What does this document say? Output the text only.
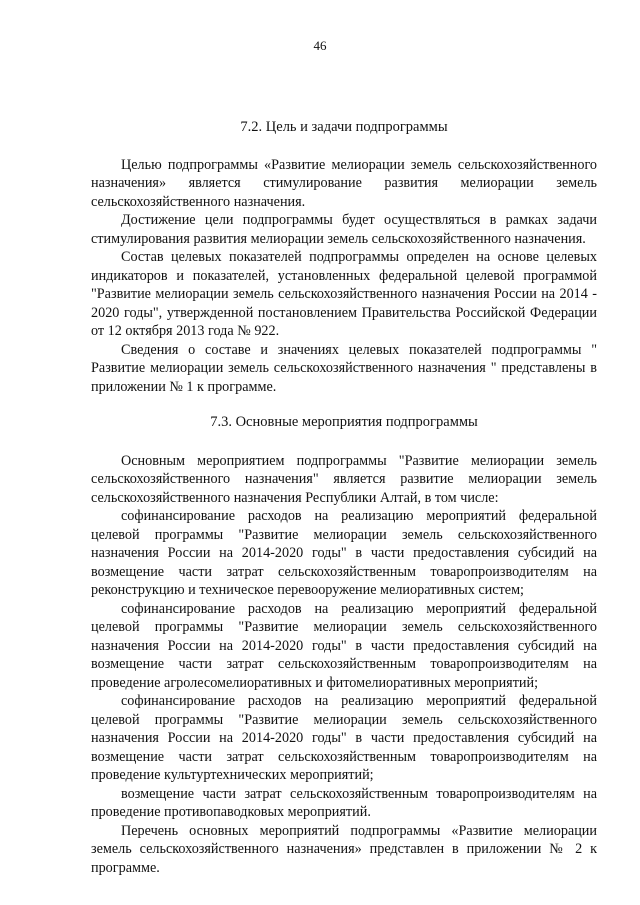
46
7.2. Цель и задачи подпрограммы

Целью подпрограммы «Развитие мелиорации земель сельскохозяйственного назначения» является стимулирование развития мелиорации земель сельскохозяйственного назначения.

Достижение цели подпрограммы будет осуществляться в рамках задачи стимулирования развития мелиорации земель сельскохозяйственного назначения.

Состав целевых показателей подпрограммы определен на основе целевых индикаторов и показателей, установленных федеральной целевой программой "Развитие мелиорации земель сельскохозяйственного назначения России на 2014 - 2020 годы", утвержденной постановлением Правительства Российской Федерации от 12 октября 2013 года № 922.

Сведения о составе и значениях целевых показателей подпрограммы " Развитие мелиорации земель сельскохозяйственного назначения " представлены в приложении № 1 к программе.

7.3. Основные мероприятия подпрограммы

Основным мероприятием подпрограммы "Развитие мелиорации земель сельскохозяйственного назначения" является развитие мелиорации земель сельскохозяйственного назначения Республики Алтай, в том числе:

софинансирование расходов на реализацию мероприятий федеральной целевой программы "Развитие мелиорации земель сельскохозяйственного назначения России на 2014-2020 годы" в части предоставления субсидий на возмещение части затрат сельскохозяйственным товаропроизводителям на реконструкцию и техническое перевооружение мелиоративных систем;

софинансирование расходов на реализацию мероприятий федеральной целевой программы "Развитие мелиорации земель сельскохозяйственного назначения России на 2014-2020 годы" в части предоставления субсидий на возмещение части затрат сельскохозяйственным товаропроизводителям на проведение агролесомелиоративных и фитомелиоративных мероприятий;

софинансирование расходов на реализацию мероприятий федеральной целевой программы "Развитие мелиорации земель сельскохозяйственного назначения России на 2014-2020 годы" в части предоставления субсидий на возмещение части затрат сельскохозяйственным товаропроизводителям на проведение культуртехнических мероприятий;

возмещение части затрат сельскохозяйственным товаропроизводителям на проведение противопаводковых мероприятий.

Перечень основных мероприятий подпрограммы «Развитие мелиорации земель сельскохозяйственного назначения» представлен в приложении № 2 к программе.
